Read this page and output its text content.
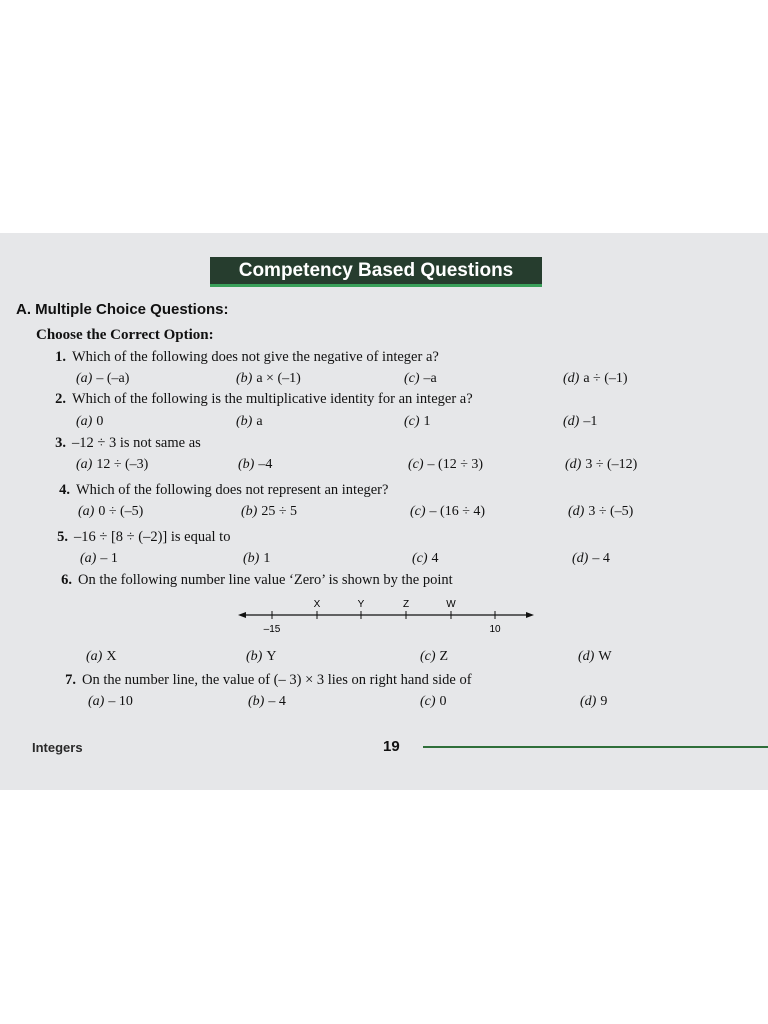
Competency Based Questions
A. Multiple Choice Questions:
Choose the Correct Option:
1. Which of the following does not give the negative of integer a?
(a) – (–a)	(b) a × (–1)	(c) –a	(d) a ÷ (–1)
2. Which of the following is the multiplicative identity for an integer a?
(a) 0	(b) a	(c) 1	(d) –1
3. –12 ÷ 3 is not same as
(a) 12 ÷ (–3)	(b) –4	(c) – (12 ÷ 3)	(d) 3 ÷ (–12)
4. Which of the following does not represent an integer?
(a) 0 ÷ (–5)	(b) 25 ÷ 5	(c) – (16 ÷ 4)	(d) 3 ÷ (–5)
5. –16 ÷ [8 ÷ (–2)] is equal to
(a) – 1	(b) 1	(c) 4	(d) – 4
6. On the following number line value ‘Zero’ is shown by the point
X	Y	Z	W
–15	10
(a) X	(b) Y	(c) Z	(d) W
7. On the number line, the value of (– 3) × 3 lies on right hand side of
(a) – 10	(b) – 4	(c) 0	(d) 9
Integers	19
